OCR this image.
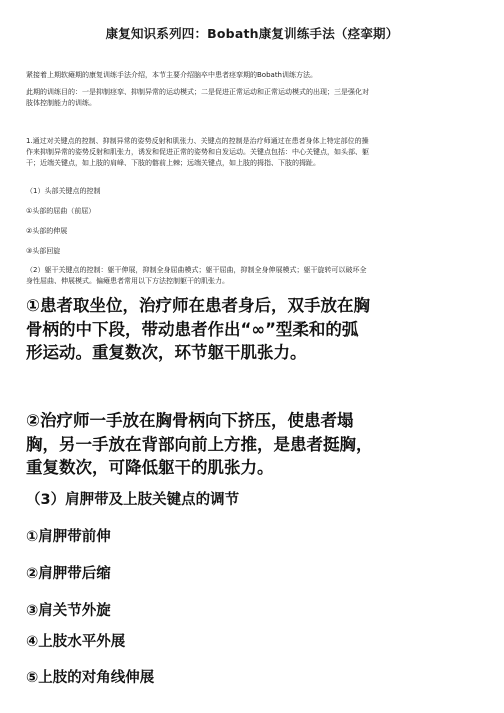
康复知识系列四：Bobath康复训练手法（痉挛期）
紧接着上期软瘫期的康复训练手法介绍，本节主要介绍脑卒中患者痉挛期的Bobath训练方法。
此期的训练目的：一是抑制痉挛、抑制异常的运动模式；二是促进正常运动和正常运动模式的出现；三是强化对肢体控制能力的训练。
1.通过对关键点的控制、抑制异常的姿势反射和肌张力、关键点的控制是治疗师通过在患者身体上特定部位的操作来抑制异常的姿势反射和肌张力，诱发和促进正常的姿势和自发运动。关键点包括：中心关键点，如头部、躯干；近端关键点，如上肢的肩峰、下肢的髂前上棘；远端关键点，如上肢的拇指、下肢的拇趾。
（1）头部关键点的控制
①头部的屈曲（前屈）
②头部的伸展
③头部回旋
（2）躯干关键点的控制：躯干伸展，抑制全身屈曲模式；躯干屈曲，抑制全身伸展模式；躯干旋转可以破坏全身性屈曲、伸展模式。偏瘫患者常用以下方法控制躯干的肌张力。
①患者取坐位，治疗师在患者身后，双手放在胸骨柄的中下段，带动患者作出“∞”型柔和的弧形运动。重复数次，环节躯干肌张力。
②治疗师一手放在胸骨柄向下挤压，使患者塌胸，另一手放在背部向前上方推，是患者挺胸，重复数次，可降低躯干的肌张力。
（3）肩胛带及上肢关键点的调节
①肩胛带前伸
②肩胛带后缩
③肩关节外旋
④上肢水平外展
⑤上肢的对角线伸展
